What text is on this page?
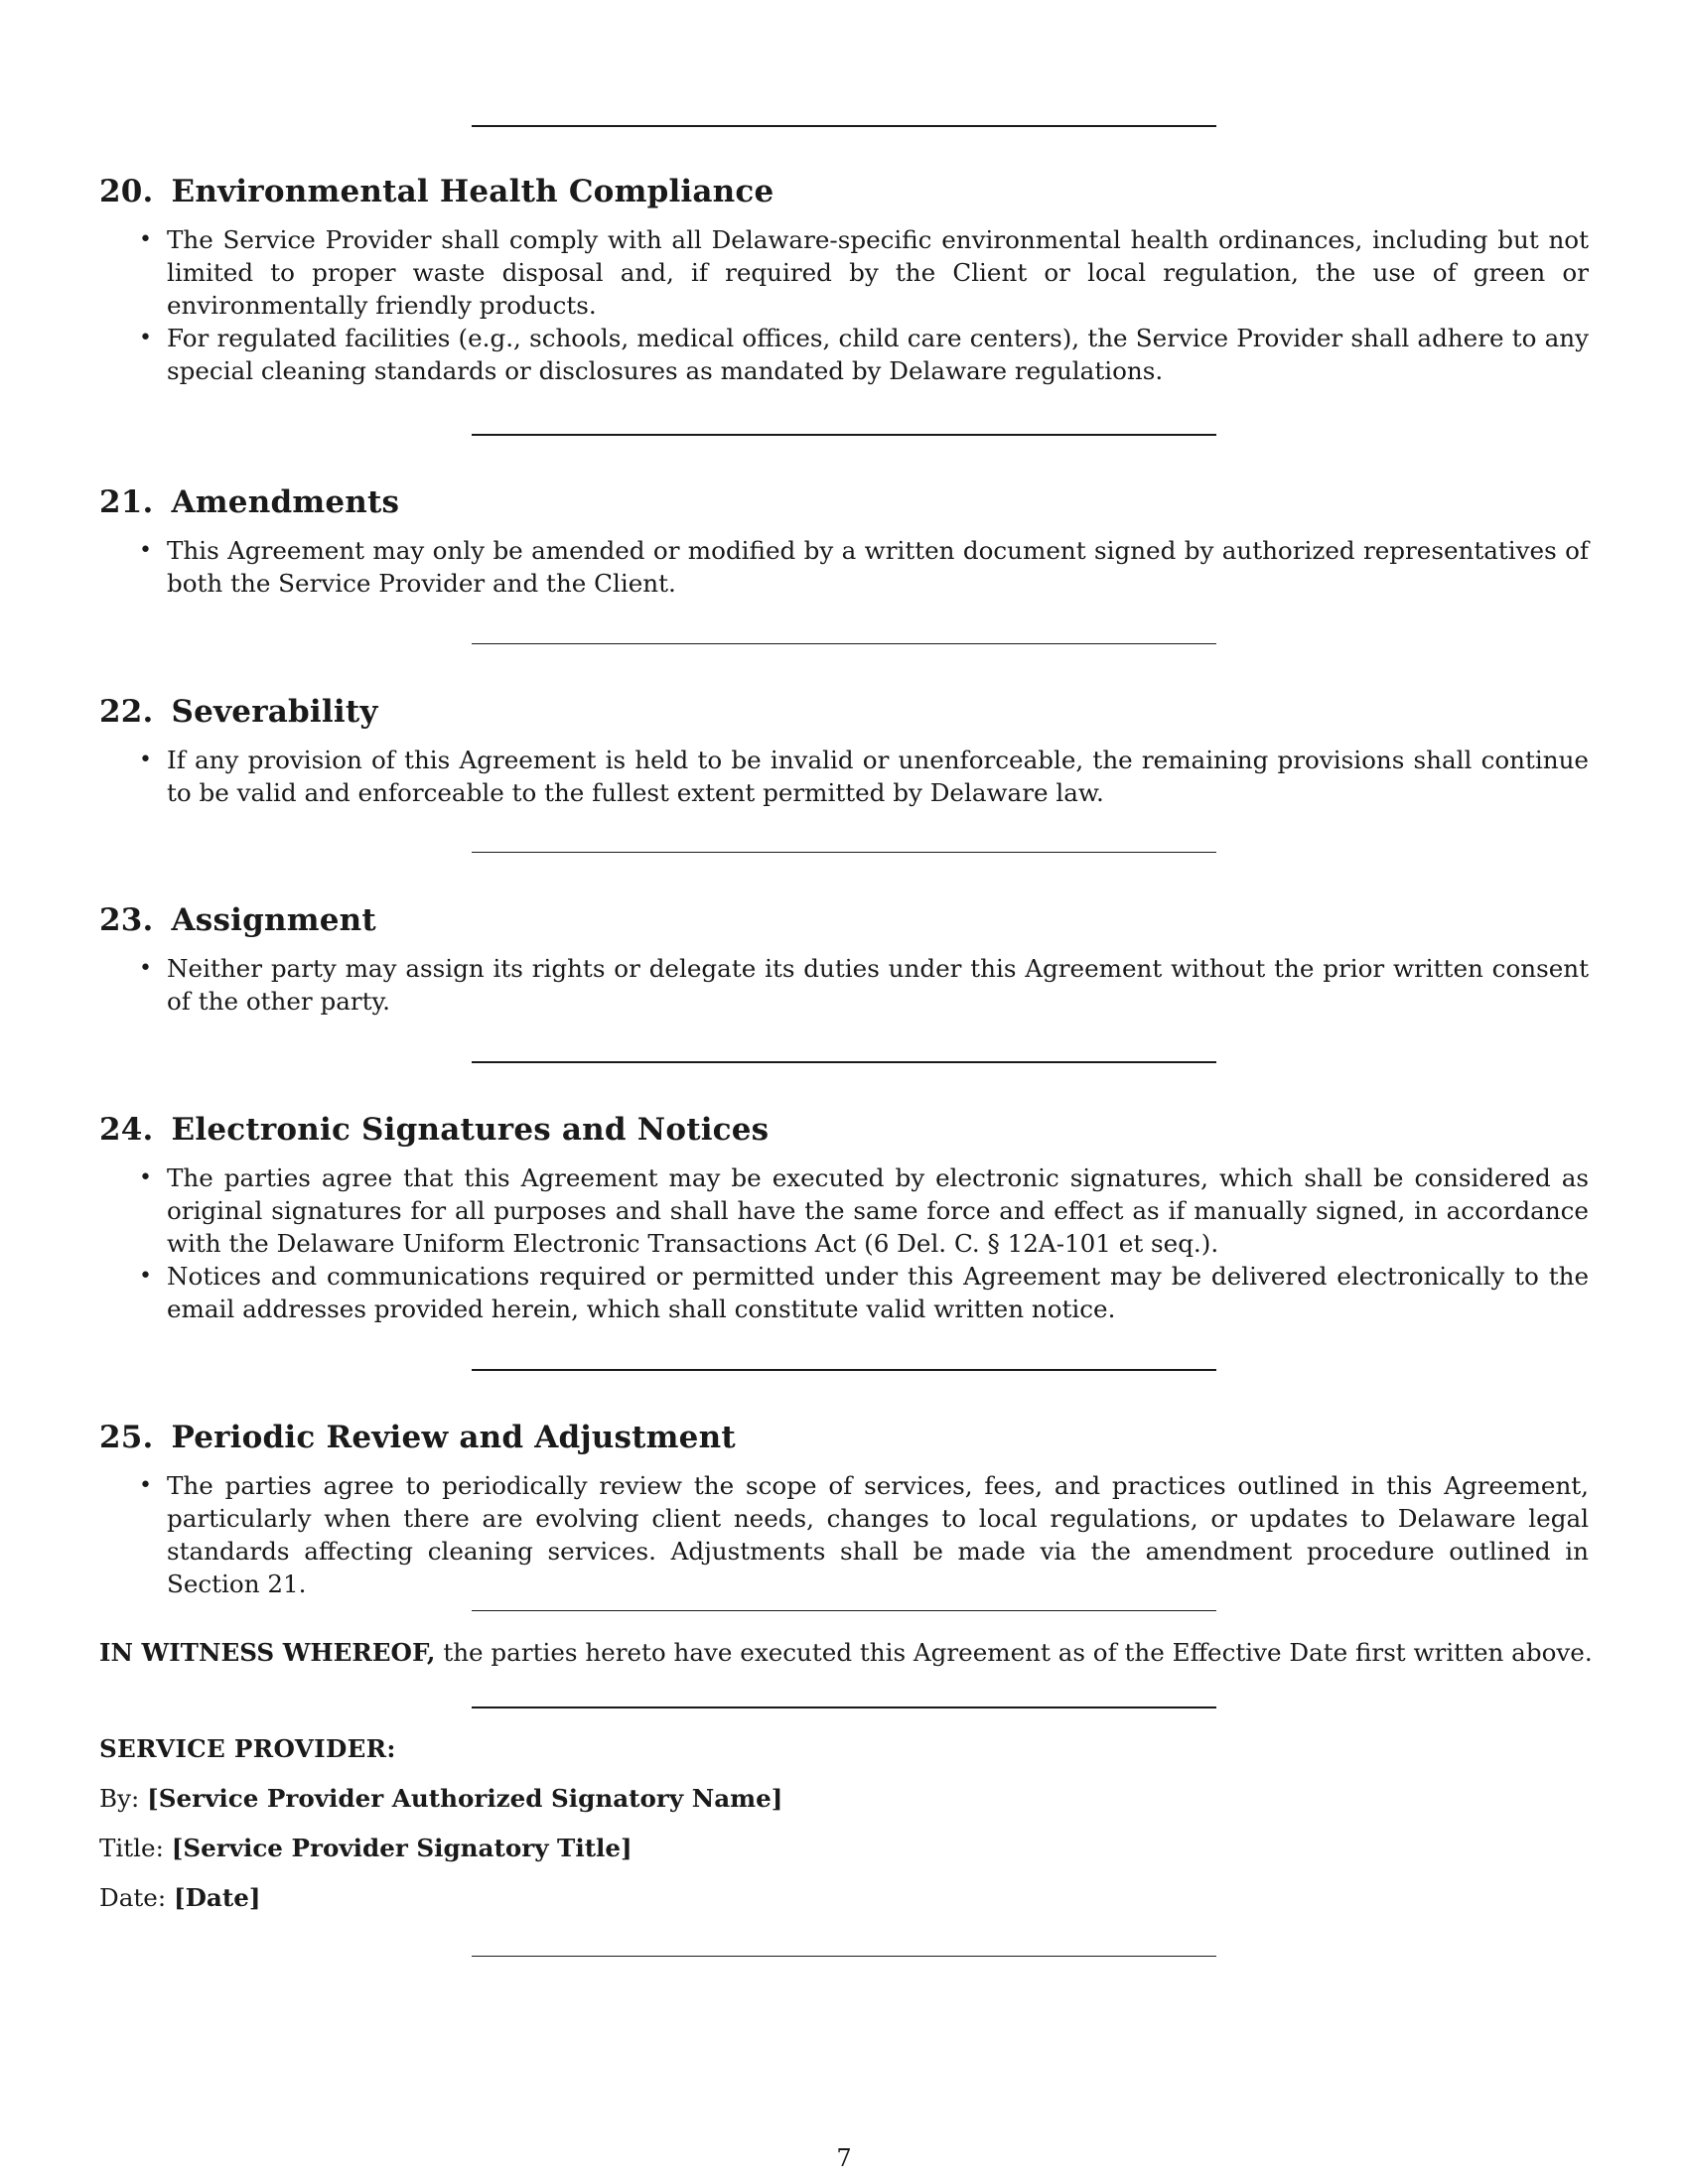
20. Environmental Health Compliance
• The Service Provider shall comply with all Delaware-specific environmental health ordinances, including but not limited to proper waste disposal and, if required by the Client or local regulation, the use of green or environmentally friendly products.
• For regulated facilities (e.g., schools, medical offices, child care centers), the Service Provider shall adhere to any special cleaning standards or disclosures as mandated by Delaware regulations.
21. Amendments
• This Agreement may only be amended or modified by a written document signed by authorized representatives of both the Service Provider and the Client.
22. Severability
• If any provision of this Agreement is held to be invalid or unenforceable, the remaining provisions shall continue to be valid and enforceable to the fullest extent permitted by Delaware law.
23. Assignment
• Neither party may assign its rights or delegate its duties under this Agreement without the prior written consent of the other party.
24. Electronic Signatures and Notices
• The parties agree that this Agreement may be executed by electronic signatures, which shall be considered as original signatures for all purposes and shall have the same force and effect as if manually signed, in accordance with the Delaware Uniform Electronic Transactions Act (6 Del. C. § 12A-101 et seq.).
• Notices and communications required or permitted under this Agreement may be delivered electronically to the email addresses provided herein, which shall constitute valid written notice.
25. Periodic Review and Adjustment
• The parties agree to periodically review the scope of services, fees, and practices outlined in this Agreement, particularly when there are evolving client needs, changes to local regulations, or updates to Delaware legal standards affecting cleaning services. Adjustments shall be made via the amendment procedure outlined in Section 21.
IN WITNESS WHEREOF, the parties hereto have executed this Agreement as of the Effective Date first written above.
SERVICE PROVIDER:
By: [Service Provider Authorized Signatory Name]
Title: [Service Provider Signatory Title]
Date: [Date]
7
